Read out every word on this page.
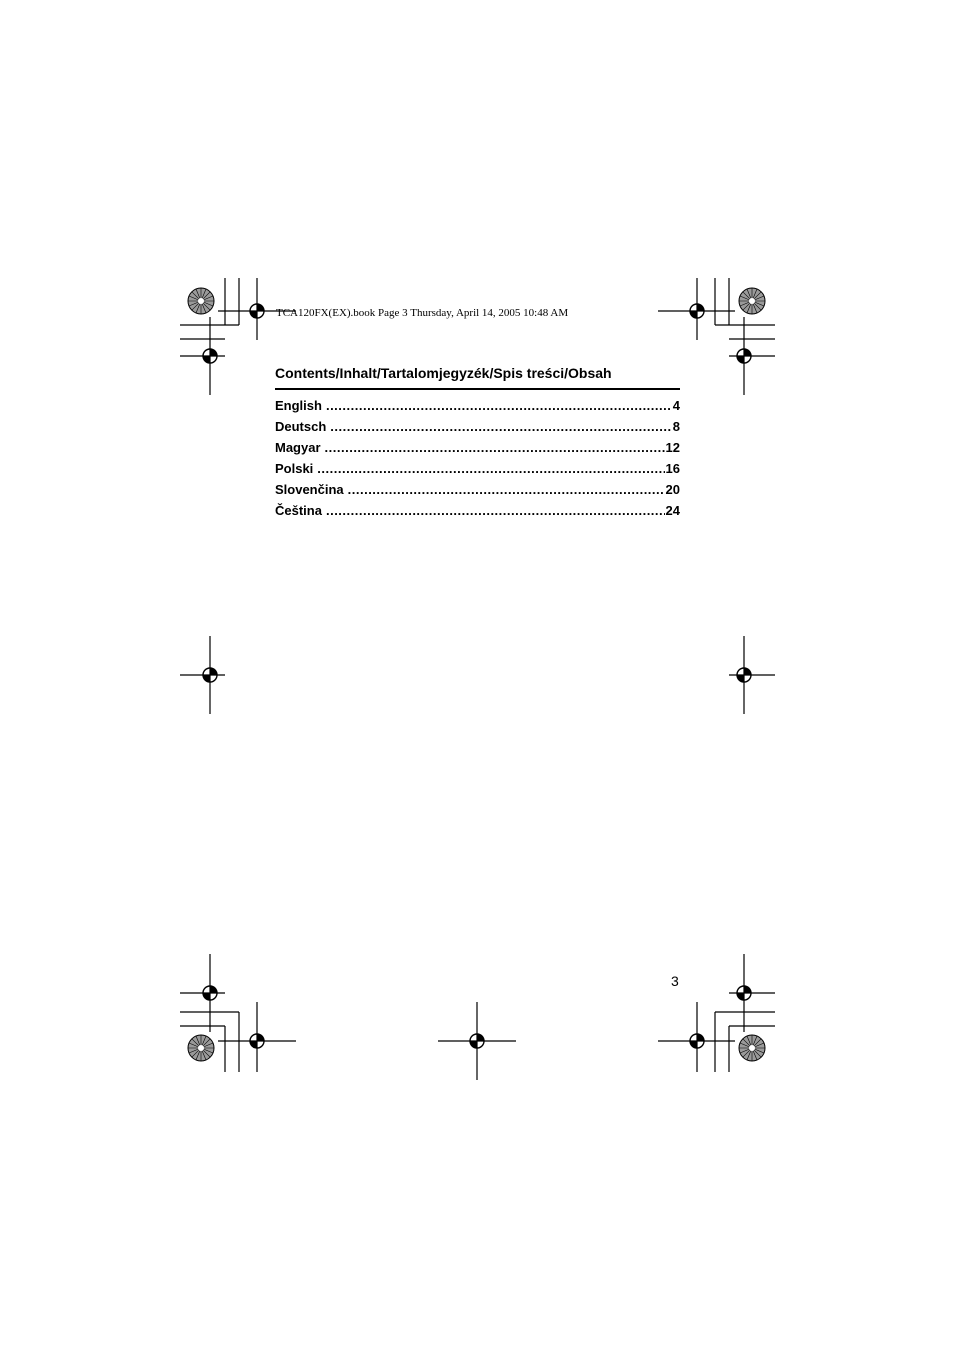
TCA120FX(EX).book Page 3 Thursday, April 14, 2005 10:48 AM
Contents/Inhalt/Tartalomjegyzék/Spis treści/Obsah
English .....	4
Deutsch .....	8
Magyar .....	12
Polski .....	16
Slovenčina .....	20
Čeština .....	24
3
